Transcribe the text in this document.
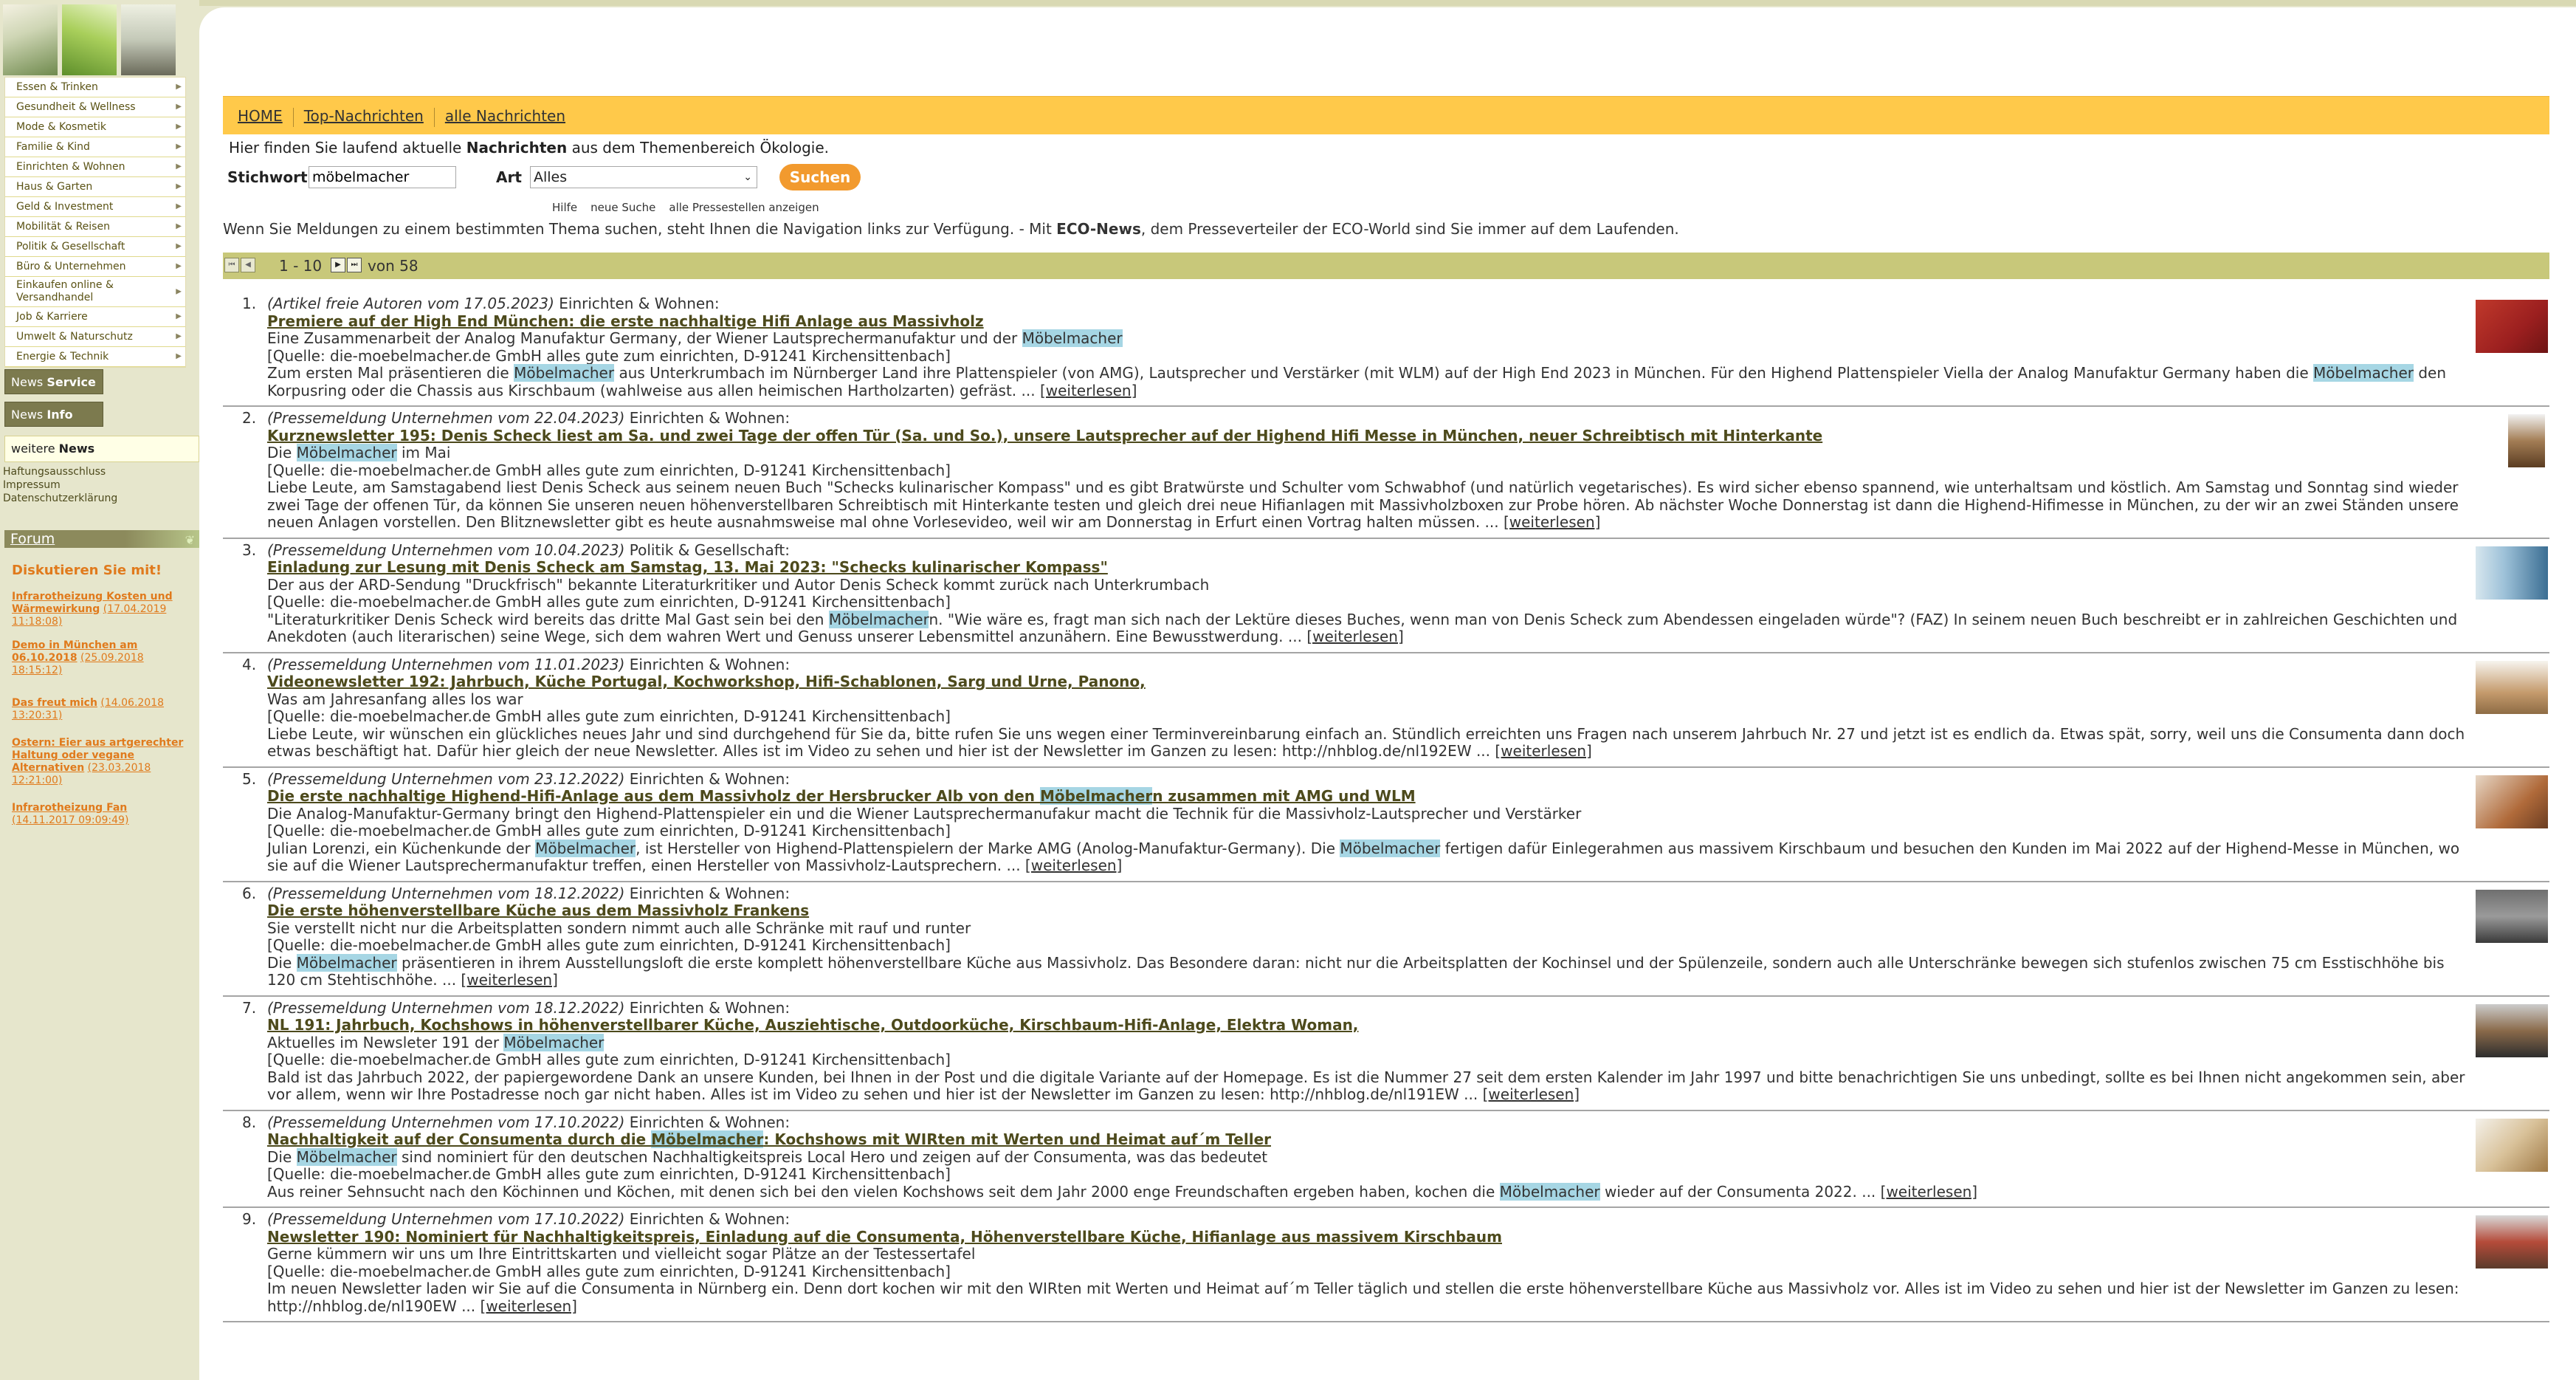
Essen & Trinken	▶
Gesundheit & Wellness	▶
Mode & Kosmetik	▶
Familie & Kind	▶
Einrichten & Wohnen	▶
Haus & Garten	▶
Geld & Investment	▶
Mobilität & Reisen	▶
Politik & Gesellschaft	▶
Büro & Unternehmen	▶
Einkaufen online & Versandhandel	▶
Job & Karriere	▶
Umwelt & Naturschutz	▶
Energie & Technik	▶
News Service
News Info
weitere News
Haftungsausschluss
Impressum
Datenschutzerklärung
Forum	❦
Diskutieren Sie mit!
Infrarotheizung Kosten und Wärmewirkung (17.04.2019 11:18:08)
Demo in München am 06.10.2018 (25.09.2018 18:15:12)
Das freut mich (14.06.2018 13:20:31)
Ostern: Eier aus artgerechter Haltung oder vegane Alternativen (23.03.2018 12:21:00)
Infrarotheizung Fan (14.11.2017 09:09:49)
HOME Top-Nachrichten alle Nachrichten
Hier finden Sie laufend aktuelle Nachrichten aus dem Themenbereich Ökologie.
Stichwort
möbelmacher	Art Alles	⌄	Suchen
Hilfe neue Suche alle Pressestellen anzeigen
Wenn Sie Meldungen zu einem bestimmten Thema suchen, steht Ihnen die Navigation links zur Verfügung. - Mit ECO-News, dem Presseverteiler der ECO-World sind Sie immer auf dem Laufenden.
⏮	◀	1 - 10	▶	⏭ von 58
1. (Artikel freie Autoren vom 17.05.2023) Einrichten & Wohnen:
Premiere auf der High End München: die erste nachhaltige Hifi Anlage aus Massivholz
Eine Zusammenarbeit der Analog Manufaktur Germany, der Wiener Lautsprechermanufaktur und der Möbelmacher
[Quelle: die-moebelmacher.de GmbH alles gute zum einrichten, D-91241 Kirchensittenbach]
Zum ersten Mal präsentieren die Möbelmacher aus Unterkrumbach im Nürnberger Land ihre Plattenspieler (von AMG), Lautsprecher und Verstärker (mit WLM) auf der High End 2023 in München. Für den Highend Plattenspieler Viella der Analog Manufaktur Germany haben die Möbelmacher den Korpusring oder die Chassis aus Kirschbaum (wahlweise aus allen heimischen Hartholzarten) gefräst. ... [weiterlesen]
2. (Pressemeldung Unternehmen vom 22.04.2023) Einrichten & Wohnen:
Kurznewsletter 195: Denis Scheck liest am Sa. und zwei Tage der offen Tür (Sa. und So.), unsere Lautsprecher auf der Highend Hifi Messe in München, neuer Schreibtisch mit Hinterkante
Die Möbelmacher im Mai
[Quelle: die-moebelmacher.de GmbH alles gute zum einrichten, D-91241 Kirchensittenbach]
Liebe Leute, am Samstagabend liest Denis Scheck aus seinem neuen Buch "Schecks kulinarischer Kompass" und es gibt Bratwürste und Schulter vom Schwabhof (und natürlich vegetarisches). Es wird sicher ebenso spannend, wie unterhaltsam und köstlich. Am Samstag und Sonntag sind wieder zwei Tage der offenen Tür, da können Sie unseren neuen höhenverstellbaren Schreibtisch mit Hinterkante testen und gleich drei neue Hifianlagen mit Massivholzboxen zur Probe hören. Ab nächster Woche Donnerstag ist dann die Highend-Hifimesse in München, zu der wir an zwei Ständen unsere neuen Anlagen vorstellen. Den Blitznewsletter gibt es heute ausnahmsweise mal ohne Vorlesevideo, weil wir am Donnerstag in Erfurt einen Vortrag halten müssen. ... [weiterlesen]
3. (Pressemeldung Unternehmen vom 10.04.2023) Politik & Gesellschaft:
Einladung zur Lesung mit Denis Scheck am Samstag, 13. Mai 2023: "Schecks kulinarischer Kompass"
Der aus der ARD-Sendung "Druckfrisch" bekannte Literaturkritiker und Autor Denis Scheck kommt zurück nach Unterkrumbach
[Quelle: die-moebelmacher.de GmbH alles gute zum einrichten, D-91241 Kirchensittenbach]
"Literaturkritiker Denis Scheck wird bereits das dritte Mal Gast sein bei den Möbelmachern. "Wie wäre es, fragt man sich nach der Lektüre dieses Buches, wenn man von Denis Scheck zum Abendessen eingeladen würde"? (FAZ) In seinem neuen Buch beschreibt er in zahlreichen Geschichten und Anekdoten (auch literarischen) seine Wege, sich dem wahren Wert und Genuss unserer Lebensmittel anzunähern. Eine Bewusstwerdung. ... [weiterlesen]
4. (Pressemeldung Unternehmen vom 11.01.2023) Einrichten & Wohnen:
Videonewsletter 192: Jahrbuch, Küche Portugal, Kochworkshop, Hifi-Schablonen, Sarg und Urne, Panono,
Was am Jahresanfang alles los war
[Quelle: die-moebelmacher.de GmbH alles gute zum einrichten, D-91241 Kirchensittenbach]
Liebe Leute, wir wünschen ein glückliches neues Jahr und sind durchgehend für Sie da, bitte rufen Sie uns wegen einer Terminvereinbarung einfach an. Stündlich erreichten uns Fragen nach unserem Jahrbuch Nr. 27 und jetzt ist es endlich da. Etwas spät, sorry, weil uns die Consumenta dann doch etwas beschäftigt hat. Dafür hier gleich der neue Newsletter. Alles ist im Video zu sehen und hier ist der Newsletter im Ganzen zu lesen: http://nhblog.de/nl192EW ... [weiterlesen]
5. (Pressemeldung Unternehmen vom 23.12.2022) Einrichten & Wohnen:
Die erste nachhaltige Highend-Hifi-Anlage aus dem Massivholz der Hersbrucker Alb von den Möbelmachern zusammen mit AMG und WLM
Die Analog-Manufaktur-Germany bringt den Highend-Plattenspieler ein und die Wiener Lautsprechermanufakur macht die Technik für die Massivholz-Lautsprecher und Verstärker
[Quelle: die-moebelmacher.de GmbH alles gute zum einrichten, D-91241 Kirchensittenbach]
Julian Lorenzi, ein Küchenkunde der Möbelmacher, ist Hersteller von Highend-Plattenspielern der Marke AMG (Anolog-Manufaktur-Germany). Die Möbelmacher fertigen dafür Einlegerahmen aus massivem Kirschbaum und besuchen den Kunden im Mai 2022 auf der Highend-Messe in München, wo sie auf die Wiener Lautsprechermanufaktur treffen, einen Hersteller von Massivholz-Lautsprechern. ... [weiterlesen]
6. (Pressemeldung Unternehmen vom 18.12.2022) Einrichten & Wohnen:
Die erste höhenverstellbare Küche aus dem Massivholz Frankens
Sie verstellt nicht nur die Arbeitsplatten sondern nimmt auch alle Schränke mit rauf und runter
[Quelle: die-moebelmacher.de GmbH alles gute zum einrichten, D-91241 Kirchensittenbach]
Die Möbelmacher präsentieren in ihrem Ausstellungsloft die erste komplett höhenverstellbare Küche aus Massivholz. Das Besondere daran: nicht nur die Arbeitsplatten der Kochinsel und der Spülenzeile, sondern auch alle Unterschränke bewegen sich stufenlos zwischen 75 cm Esstischhöhe bis 120 cm Stehtischhöhe. ... [weiterlesen]
7. (Pressemeldung Unternehmen vom 18.12.2022) Einrichten & Wohnen:
NL 191: Jahrbuch, Kochshows in höhenverstellbarer Küche, Ausziehtische, Outdoorküche, Kirschbaum-Hifi-Anlage, Elektra Woman,
Aktuelles im Newsleter 191 der Möbelmacher
[Quelle: die-moebelmacher.de GmbH alles gute zum einrichten, D-91241 Kirchensittenbach]
Bald ist das Jahrbuch 2022, der papiergewordene Dank an unsere Kunden, bei Ihnen in der Post und die digitale Variante auf der Homepage. Es ist die Nummer 27 seit dem ersten Kalender im Jahr 1997 und bitte benachrichtigen Sie uns unbedingt, sollte es bei Ihnen nicht angekommen sein, aber vor allem, wenn wir Ihre Postadresse noch gar nicht haben. Alles ist im Video zu sehen und hier ist der Newsletter im Ganzen zu lesen: http://nhblog.de/nl191EW ... [weiterlesen]
8. (Pressemeldung Unternehmen vom 17.10.2022) Einrichten & Wohnen:
Nachhaltigkeit auf der Consumenta durch die Möbelmacher: Kochshows mit WIRten mit Werten und Heimat auf´m Teller
Die Möbelmacher sind nominiert für den deutschen Nachhaltigkeitspreis Local Hero und zeigen auf der Consumenta, was das bedeutet
[Quelle: die-moebelmacher.de GmbH alles gute zum einrichten, D-91241 Kirchensittenbach]
Aus reiner Sehnsucht nach den Köchinnen und Köchen, mit denen sich bei den vielen Kochshows seit dem Jahr 2000 enge Freundschaften ergeben haben, kochen die Möbelmacher wieder auf der Consumenta 2022. ... [weiterlesen]
9. (Pressemeldung Unternehmen vom 17.10.2022) Einrichten & Wohnen:
Newsletter 190: Nominiert für Nachhaltigkeitspreis, Einladung auf die Consumenta, Höhenverstellbare Küche, Hifianlage aus massivem Kirschbaum
Gerne kümmern wir uns um Ihre Eintrittskarten und vielleicht sogar Plätze an der Testessertafel
[Quelle: die-moebelmacher.de GmbH alles gute zum einrichten, D-91241 Kirchensittenbach]
Im neuen Newsletter laden wir Sie auf die Consumenta in Nürnberg ein. Denn dort kochen wir mit den WIRten mit Werten und Heimat auf´m Teller täglich und stellen die erste höhenverstellbare Küche aus Massivholz vor. Alles ist im Video zu sehen und hier ist der Newsletter im Ganzen zu lesen: http://nhblog.de/nl190EW ... [weiterlesen]
